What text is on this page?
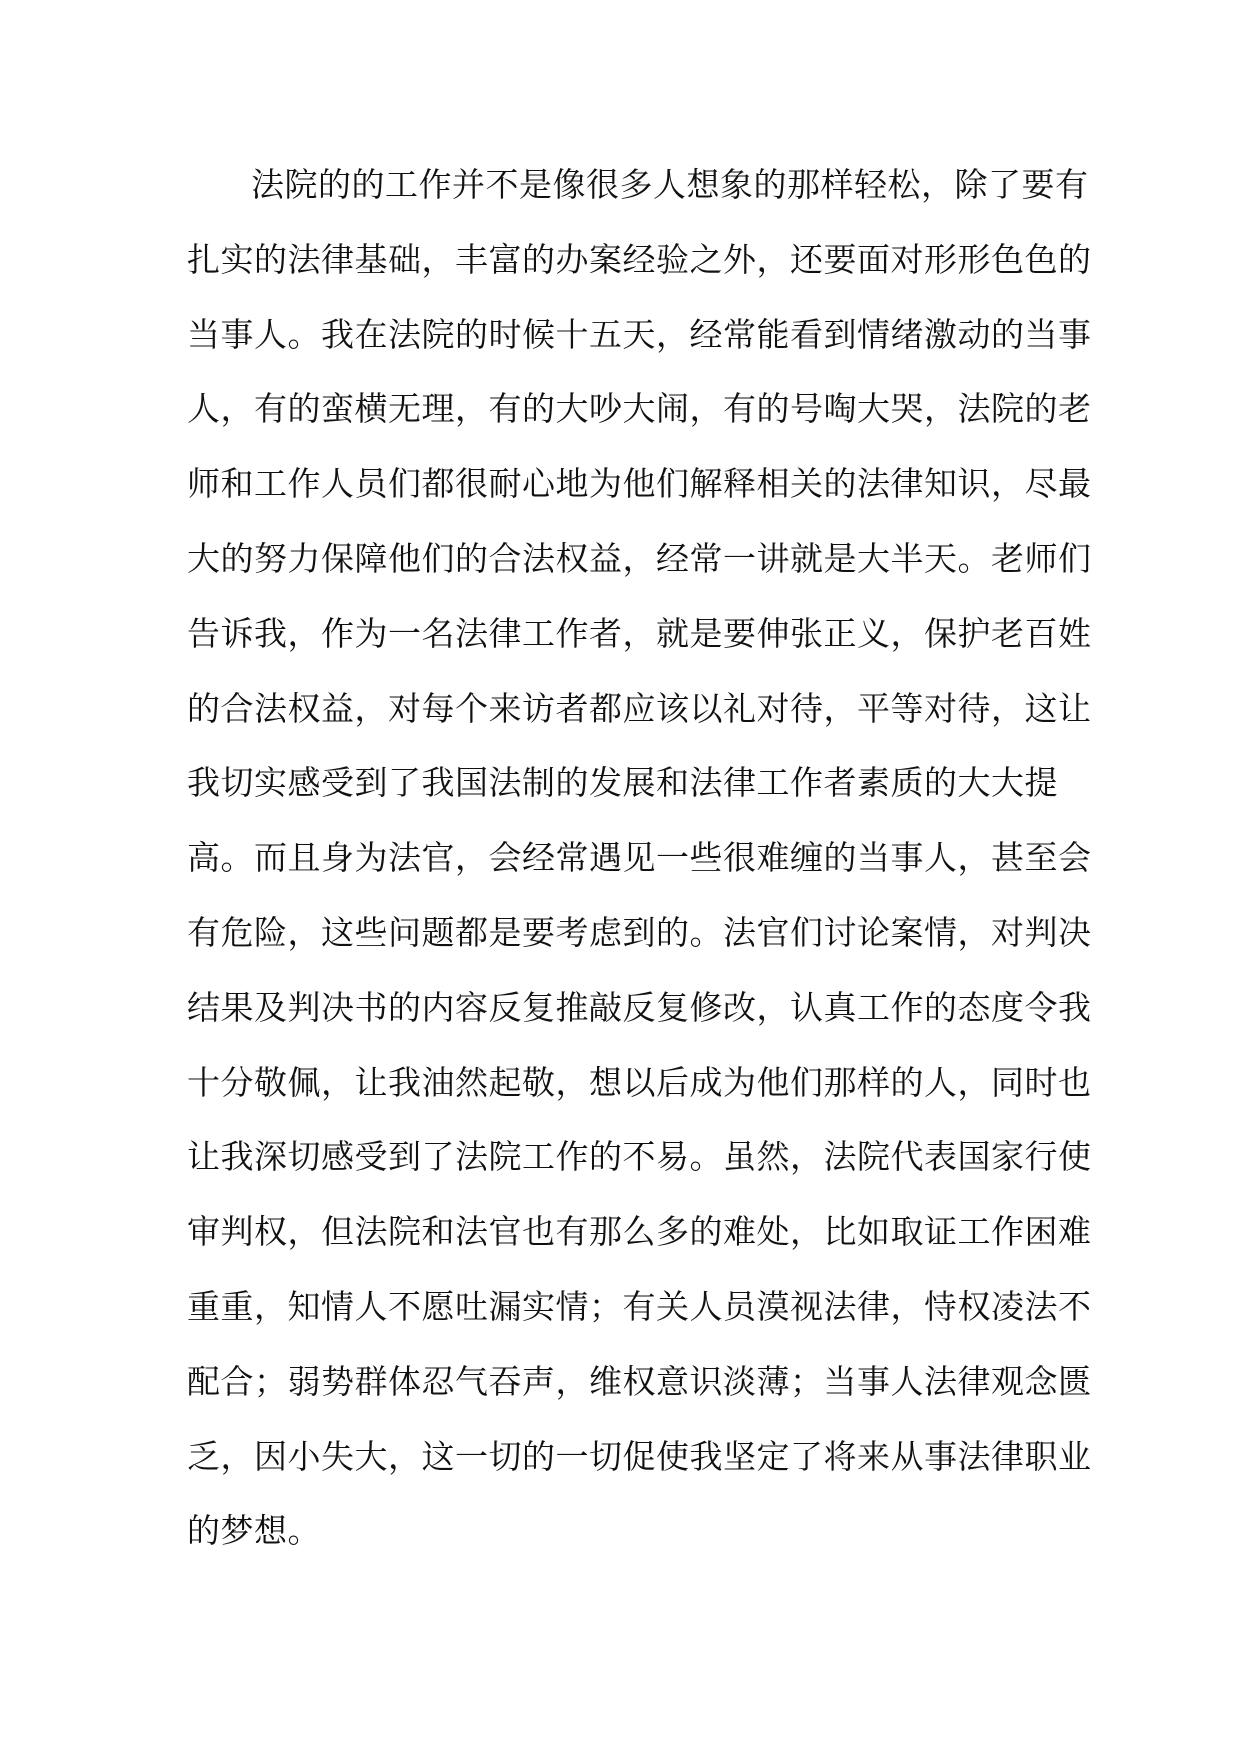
法院的的工作并不是像很多人想象的那样轻松，除了要有
扎实的法律基础，丰富的办案经验之外，还要面对形形色色的
当事人。我在法院的时候十五天，经常能看到情绪激动的当事
人，有的蛮横无理，有的大吵大闹，有的号啕大哭，法院的老
师和工作人员们都很耐心地为他们解释相关的法律知识，尽最
大的努力保障他们的合法权益，经常一讲就是大半天。老师们
告诉我，作为一名法律工作者，就是要伸张正义，保护老百姓
的合法权益，对每个来访者都应该以礼对待，平等对待，这让
我切实感受到了我国法制的发展和法律工作者素质的大大提
高。而且身为法官，会经常遇见一些很难缠的当事人，甚至会
有危险，这些问题都是要考虑到的。法官们讨论案情，对判决
结果及判决书的内容反复推敲反复修改，认真工作的态度令我
十分敬佩，让我油然起敬，想以后成为他们那样的人，同时也
让我深切感受到了法院工作的不易。虽然，法院代表国家行使
审判权，但法院和法官也有那么多的难处，比如取证工作困难
重重，知情人不愿吐漏实情；有关人员漠视法律，恃权凌法不
配合；弱势群体忍气吞声，维权意识淡薄；当事人法律观念匮
乏，因小失大，这一切的一切促使我坚定了将来从事法律职业
的梦想。
